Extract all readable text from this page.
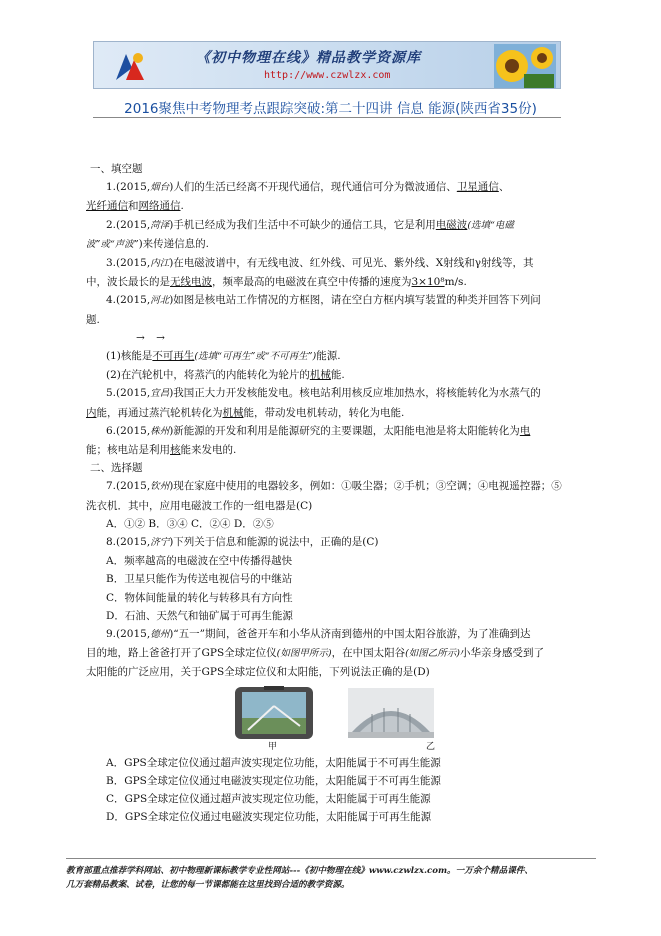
《初中物理在线》精品教学资源库
http://www.czwlzx.com
2016聚焦中考物理考点跟踪突破:第二十四讲 信息 能源(陕西省35份)

一、填空题

1.(2015,烟台)人们的生活已经离不开现代通信，现代通信可分为微波通信、卫星通信、

光纤通信和网络通信.

2.(2015,菏泽)手机已经成为我们生活中不可缺少的通信工具，它是利用电磁波(选填“电磁

波”或“声波”)来传递信息的.

3.(2015,内江)在电磁波谱中，有无线电波、红外线、可见光、紫外线、X射线和γ射线等，其

中，波长最长的是无线电波，频率最高的电磁波在真空中传播的速度为3×10⁸m/s.

4.(2015,河北)如图是核电站工作情况的方框图，请在空白方框内填写装置的种类并回答下列问

题.

→ →

(1)核能是不可再生(选填“可再生”或“不可再生”)能源.

(2)在汽轮机中，将蒸汽的内能转化为轮片的机械能.

5.(2015,宜昌)我国正大力开发核能发电。核电站利用核反应堆加热水，将核能转化为水蒸气的

内能，再通过蒸汽轮机转化为机械能，带动发电机转动，转化为电能.

6.(2015,株州)新能源的开发和利用是能源研究的主要课题，太阳能电池是将太阳能转化为电

能；核电站是利用核能来发电的.

二、选择题

7.(2015,钦州)现在家庭中使用的电器较多，例如：①吸尘器；②手机；③空调；④电视遥控器；⑤

洗衣机．其中，应用电磁波工作的一组电器是(C)

A．①② B．③④ C．②④ D．②⑤

8.(2015,济宁)下列关于信息和能源的说法中，正确的是(C)

A．频率越高的电磁波在空中传播得越快

B．卫星只能作为传送电视信号的中继站

C．物体间能量的转化与转移具有方向性

D．石油、天然气和铀矿属于可再生能源

9.(2015,德州)“五一”期间，爸爸开车和小华从济南到德州的中国太阳谷旅游，为了准确到达

目的地，路上爸爸打开了GPS全球定位仪(如图甲所示)，在中国太阳谷(如图乙所示)小华亲身感受到了

太阳能的广泛应用，关于GPS全球定位仪和太阳能，下列说法正确的是(D)

甲	乙

A．GPS全球定位仪通过超声波实现定位功能，太阳能属于不可再生能源

B．GPS全球定位仪通过电磁波实现定位功能，太阳能属于不可再生能源

C．GPS全球定位仪通过超声波实现定位功能，太阳能属于可再生能源

D．GPS全球定位仪通过电磁波实现定位功能，太阳能属于可再生能源

教育部重点推荐学科网站、初中物理新课标教学专业性网站---《初中物理在线》www.czwlzx.com。一万余个精品课件、
几万套精品教案、试卷，让您的每一节课都能在这里找到合适的教学资源。
